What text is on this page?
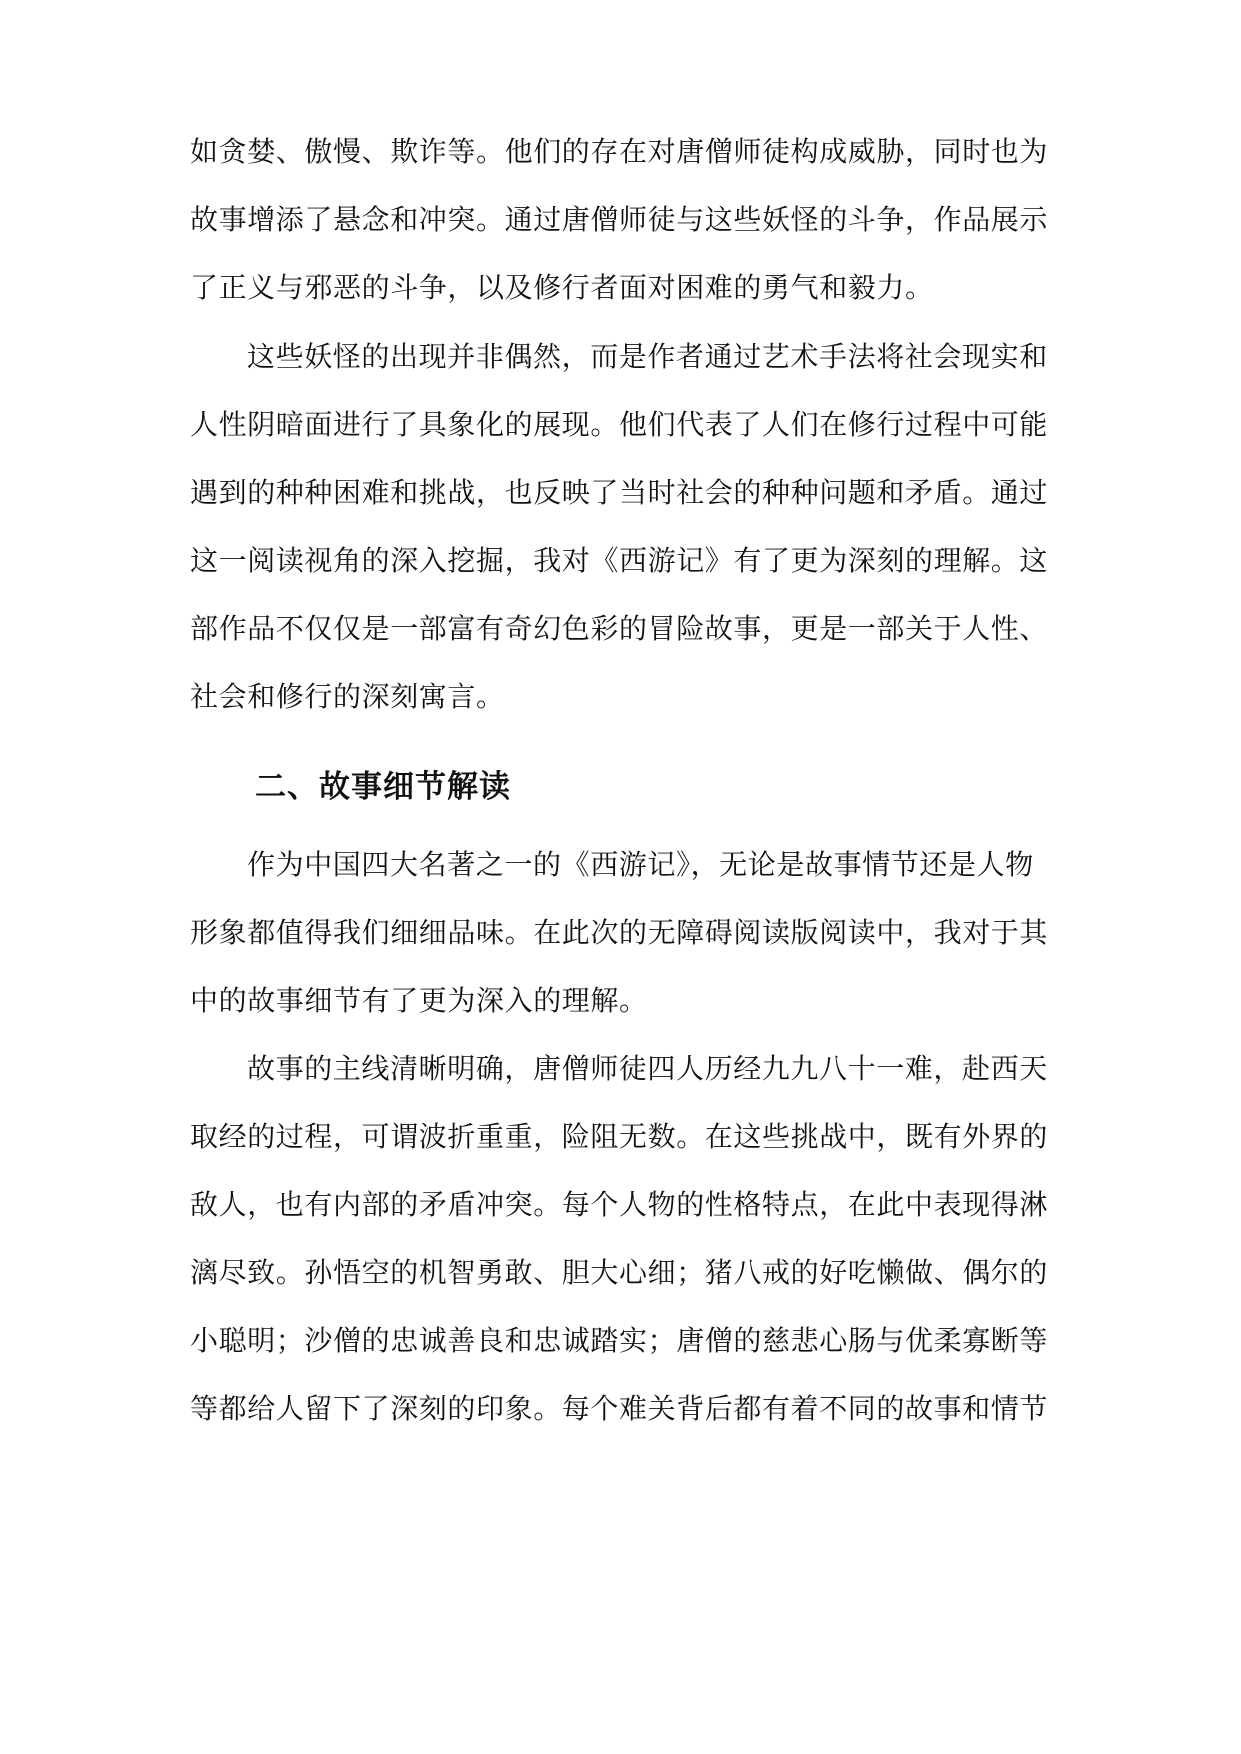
如贪婪、傲慢、欺诈等。他们的存在对唐僧师徒构成威胁，同时也为
故事增添了悬念和冲突。通过唐僧师徒与这些妖怪的斗争，作品展示
了正义与邪恶的斗争，以及修行者面对困难的勇气和毅力。
这些妖怪的出现并非偶然，而是作者通过艺术手法将社会现实和
人性阴暗面进行了具象化的展现。他们代表了人们在修行过程中可能
遇到的种种困难和挑战，也反映了当时社会的种种问题和矛盾。通过
这一阅读视角的深入挖掘，我对《西游记》有了更为深刻的理解。这
部作品不仅仅是一部富有奇幻色彩的冒险故事，更是一部关于人性、
社会和修行的深刻寓言。
二、故事细节解读
作为中国四大名著之一的《西游记》，无论是故事情节还是人物
形象都值得我们细细品味。在此次的无障碍阅读版阅读中，我对于其
中的故事细节有了更为深入的理解。
故事的主线清晰明确，唐僧师徒四人历经九九八十一难，赴西天
取经的过程，可谓波折重重，险阻无数。在这些挑战中，既有外界的
敌人，也有内部的矛盾冲突。每个人物的性格特点，在此中表现得淋
漓尽致。孙悟空的机智勇敢、胆大心细；猪八戒的好吃懒做、偶尔的
小聪明；沙僧的忠诚善良和忠诚踏实；唐僧的慈悲心肠与优柔寡断等
等都给人留下了深刻的印象。每个难关背后都有着不同的故事和情节
